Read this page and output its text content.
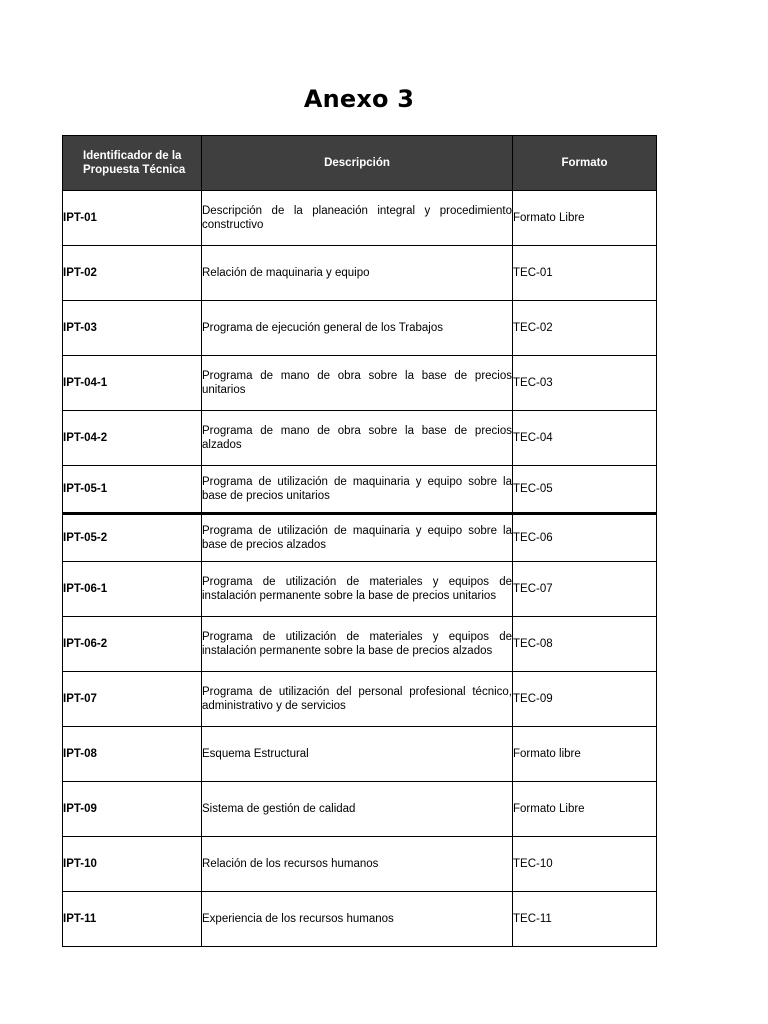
Anexo 3
Identificador de la Propuesta Técnica	Descripción	Formato
IPT-01	Descripción de la planeación integral y procedimiento constructivo	Formato Libre
IPT-02	Relación de maquinaria y equipo	TEC-01
IPT-03	Programa de ejecución general de los Trabajos	TEC-02
IPT-04-1	Programa de mano de obra sobre la base de precios unitarios	TEC-03
IPT-04-2	Programa de mano de obra sobre la base de precios alzados	TEC-04
IPT-05-1	Programa de utilización de maquinaria y equipo sobre la base de precios unitarios	TEC-05
IPT-05-2	Programa de utilización de maquinaria y equipo sobre la base de precios alzados	TEC-06
IPT-06-1	Programa de utilización de materiales y equipos de instalación permanente sobre la base de precios unitarios	TEC-07
IPT-06-2	Programa de utilización de materiales y equipos de instalación permanente sobre la base de precios alzados	TEC-08
IPT-07	Programa de utilización del personal profesional técnico, administrativo y de servicios	TEC-09
IPT-08	Esquema Estructural	Formato libre
IPT-09	Sistema de gestión de calidad	Formato Libre
IPT-10	Relación de los recursos humanos	TEC-10
IPT-11	Experiencia de los recursos humanos	TEC-11
